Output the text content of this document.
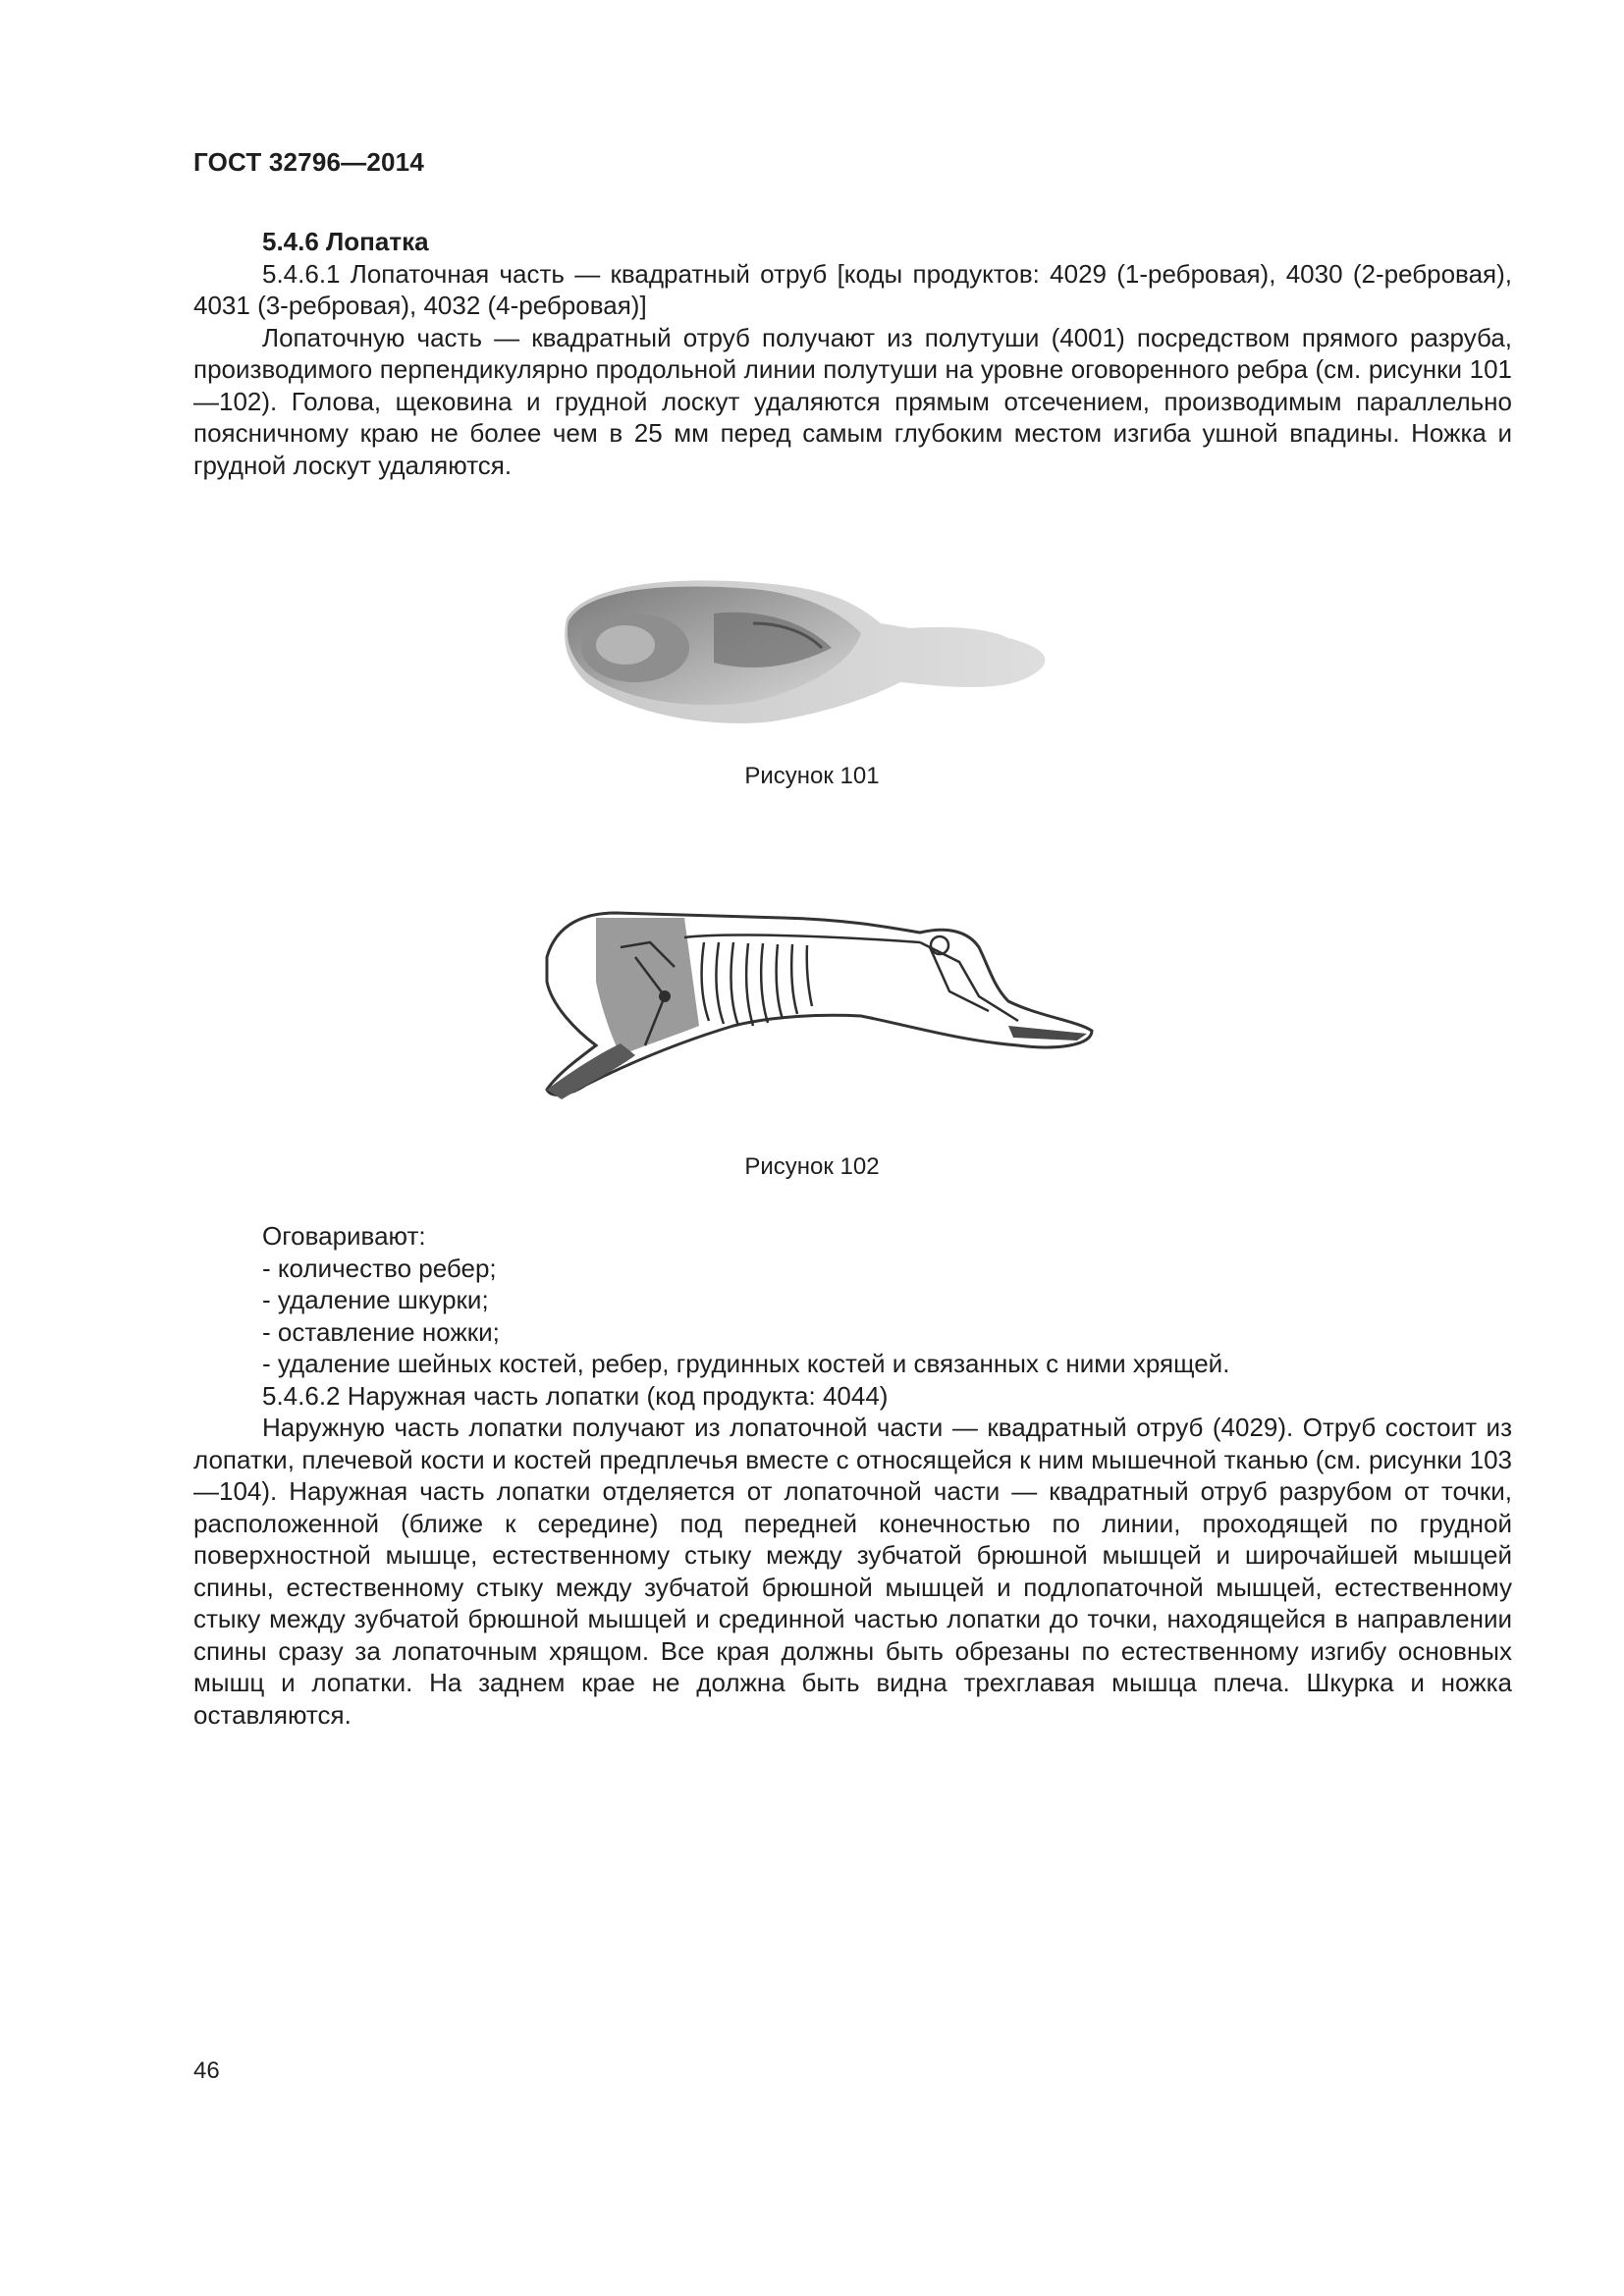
ГОСТ 32796—2014

5.4.6 Лопатка

5.4.6.1 Лопаточная часть — квадратный отруб [коды продуктов: 4029 (1-ребровая), 4030 (2-ребровая), 4031 (3-ребровая), 4032 (4-ребровая)]

Лопаточную часть — квадратный отруб получают из полутуши (4001) посредством прямого разруба, производимого перпендикулярно продольной линии полутуши на уровне оговоренного ребра (см. рисунки 101—102). Голова, щековина и грудной лоскут удаляются прямым отсечением, производимым параллельно поясничному краю не более чем в 25 мм перед самым глубоким местом изгиба ушной впадины. Ножка и грудной лоскут удаляются.

Рисунок 101
Рисунок 102

Оговаривают:

- количество ребер;
- удаление шкурки;
- оставление ножки;
- удаление шейных костей, ребер, грудинных костей и связанных с ними хрящей.

5.4.6.2 Наружная часть лопатки (код продукта: 4044)

Наружную часть лопатки получают из лопаточной части — квадратный отруб (4029). Отруб состоит из лопатки, плечевой кости и костей предплечья вместе с относящейся к ним мышечной тканью (см. рисунки 103—104). Наружная часть лопатки отделяется от лопаточной части — квадратный отруб разрубом от точки, расположенной (ближе к середине) под передней конечностью по линии, проходящей по грудной поверхностной мышце, естественному стыку между зубчатой брюшной мышцей и широчайшей мышцей спины, естественному стыку между зубчатой брюшной мышцей и подлопаточной мышцей, естественному стыку между зубчатой брюшной мышцей и срединной частью лопатки до точки, находящейся в направлении спины сразу за лопаточным хрящом. Все края должны быть обрезаны по естественному изгибу основных мышц и лопатки. На заднем крае не должна быть видна трехглавая мышца плеча. Шкурка и ножка оставляются.

46
